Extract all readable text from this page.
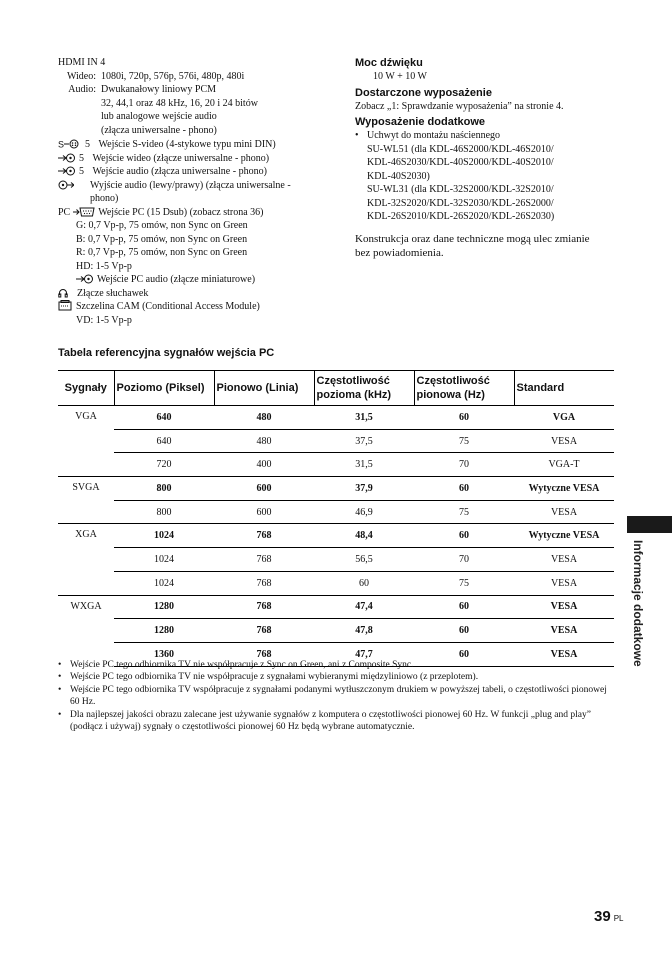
HDMI IN 4
Wideo: 1080i, 720p, 576p, 576i, 480p, 480i
Audio: Dwukanałowy liniowy PCM
32, 44,1 oraz 48 kHz, 16, 20 i 24 bitów
lub analogowe wejście audio
(złącza uniwersalne - phono)
S 5 Wejście S-video (4-stykowe typu mini DIN)
5 Wejście wideo (złącze uniwersalne - phono)
5 Wejście audio (złącza uniwersalne - phono)
Wyjście audio (lewy/prawy) (złącza uniwersalne -
phono)
PC	Wejście PC (15 Dsub) (zobacz strona 36)
G: 0,7 Vp-p, 75 omów, non Sync on Green
B: 0,7 Vp-p, 75 omów, non Sync on Green
R: 0,7 Vp-p, 75 omów, non Sync on Green
HD: 1-5 Vp-p
Wejście PC audio (złącze miniaturowe)
Złącze słuchawek
Szczelina CAM (Conditional Access Module)
VD: 1-5 Vp-p
Moc dźwięku
10 W + 10 W
Dostarczone wyposażenie
Zobacz „1: Sprawdzanie wyposażenia” na stronie 4.
Wyposażenie dodatkowe
• Uchwyt do montażu naściennego
SU-WL51 (dla KDL-46S2000/KDL-46S2010/
KDL-46S2030/KDL-40S2000/KDL-40S2010/
KDL-40S2030)
SU-WL31 (dla KDL-32S2000/KDL-32S2010/
KDL-32S2020/KDL-32S2030/KDL-26S2000/
KDL-26S2010/KDL-26S2020/KDL-26S2030)
Konstrukcja oraz dane techniczne mogą ulec zmianie
bez powiadomienia.
Tabela referencyjna sygnałów wejścia PC
Sygnały	Poziomo (Piksel)	Pionowo (Linia)	Częstotliwość
pozioma (kHz)	Częstotliwość
pionowa (Hz)	Standard
VGA	640	480	31,5	60	VGA
	640	480	37,5	75	VESA
	720	400	31,5	70	VGA-T
SVGA	800	600	37,9	60	Wytyczne VESA
	800	600	46,9	75	VESA
XGA	1024	768	48,4	60	Wytyczne VESA
	1024	768	56,5	70	VESA
	1024	768	60	75	VESA
WXGA	1280	768	47,4	60	VESA
	1280	768	47,8	60	VESA
	1360	768	47,7	60	VESA
• Wejście PC tego odbiornika TV nie współpracuje z Sync on Green, ani z Composite Sync.
• Wejście PC tego odbiornika TV nie współpracuje z sygnałami wybieranymi międzyliniowo (z przeplotem).
• Wejście PC tego odbiornika TV współpracuje z sygnałami podanymi wytłuszczonym drukiem w powyższej tabeli, o częstotliwości pionowej 60 Hz.
• Dla najlepszej jakości obrazu zalecane jest używanie sygnałów z komputera o częstotliwości pionowej 60 Hz. W funkcji „plug and play” (podłącz i używaj) sygnały o częstotliwości pionowej 60 Hz będą wybrane automatycznie.
Informacje dodatkowe
39 PL
